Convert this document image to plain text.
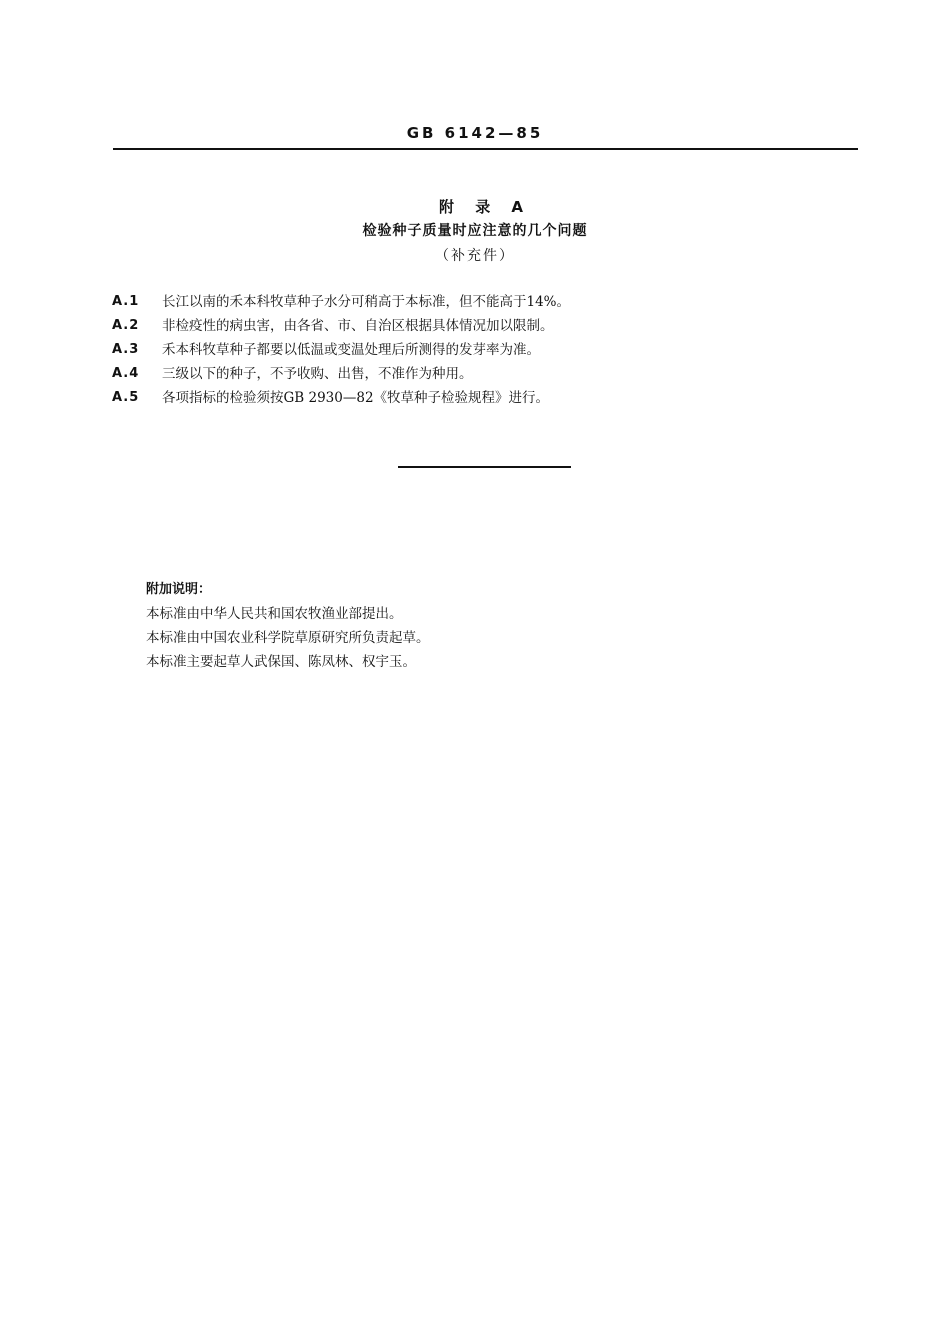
GB 6142—85
附 录 A
检验种子质量时应注意的几个问题
（补充件）
A.1	长江以南的禾本科牧草种子水分可稍高于本标准，但不能高于14%。
A.2	非检疫性的病虫害，由各省、市、自治区根据具体情况加以限制。
A.3	禾本科牧草种子都要以低温或变温处理后所测得的发芽率为准。
A.4	三级以下的种子，不予收购、出售，不准作为种用。
A.5	各项指标的检验须按GB 2930—82《牧草种子检验规程》进行。
附加说明：
本标准由中华人民共和国农牧渔业部提出。
本标准由中国农业科学院草原研究所负责起草。
本标准主要起草人武保国、陈凤林、权宇玉。
